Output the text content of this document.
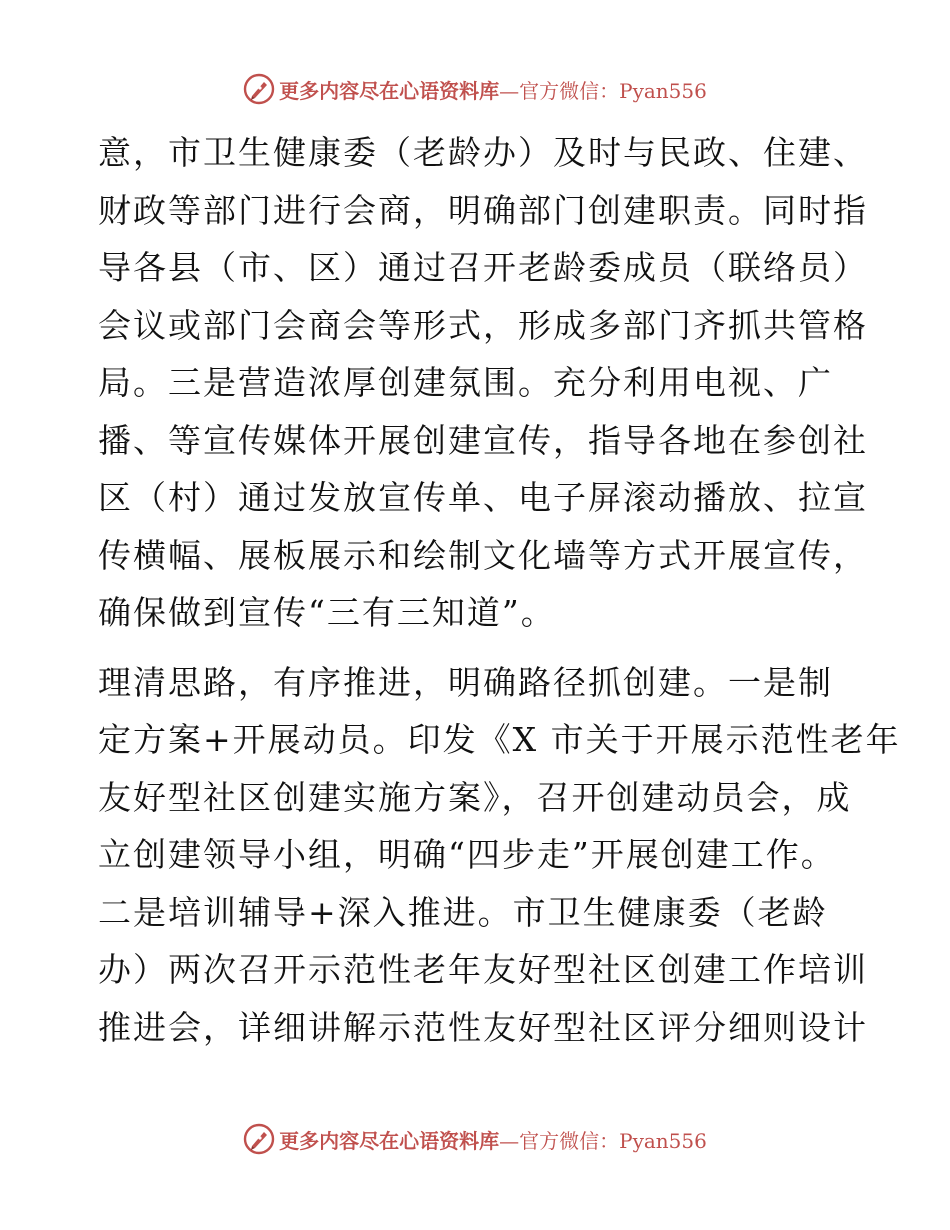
更多内容尽在心语资料库—官方微信：Pyan556
意，市卫生健康委（老龄办）及时与民政、住建、
财政等部门进行会商，明确部门创建职责。同时指
导各县（市、区）通过召开老龄委成员（联络员）
会议或部门会商会等形式，形成多部门齐抓共管格
局。三是营造浓厚创建氛围。充分利用电视、广
播、等宣传媒体开展创建宣传，指导各地在参创社
区（村）通过发放宣传单、电子屏滚动播放、拉宣
传横幅、展板展示和绘制文化墙等方式开展宣传，
确保做到宣传“三有三知道”。
理清思路，有序推进，明确路径抓创建。一是制
定方案+开展动员。印发《X 市关于开展示范性老年
友好型社区创建实施方案》，召开创建动员会，成
立创建领导小组，明确“四步走”开展创建工作。
二是培训辅导+深入推进。市卫生健康委（老龄
办）两次召开示范性老年友好型社区创建工作培训
推进会，详细讲解示范性友好型社区评分细则设计
更多内容尽在心语资料库—官方微信：Pyan556
